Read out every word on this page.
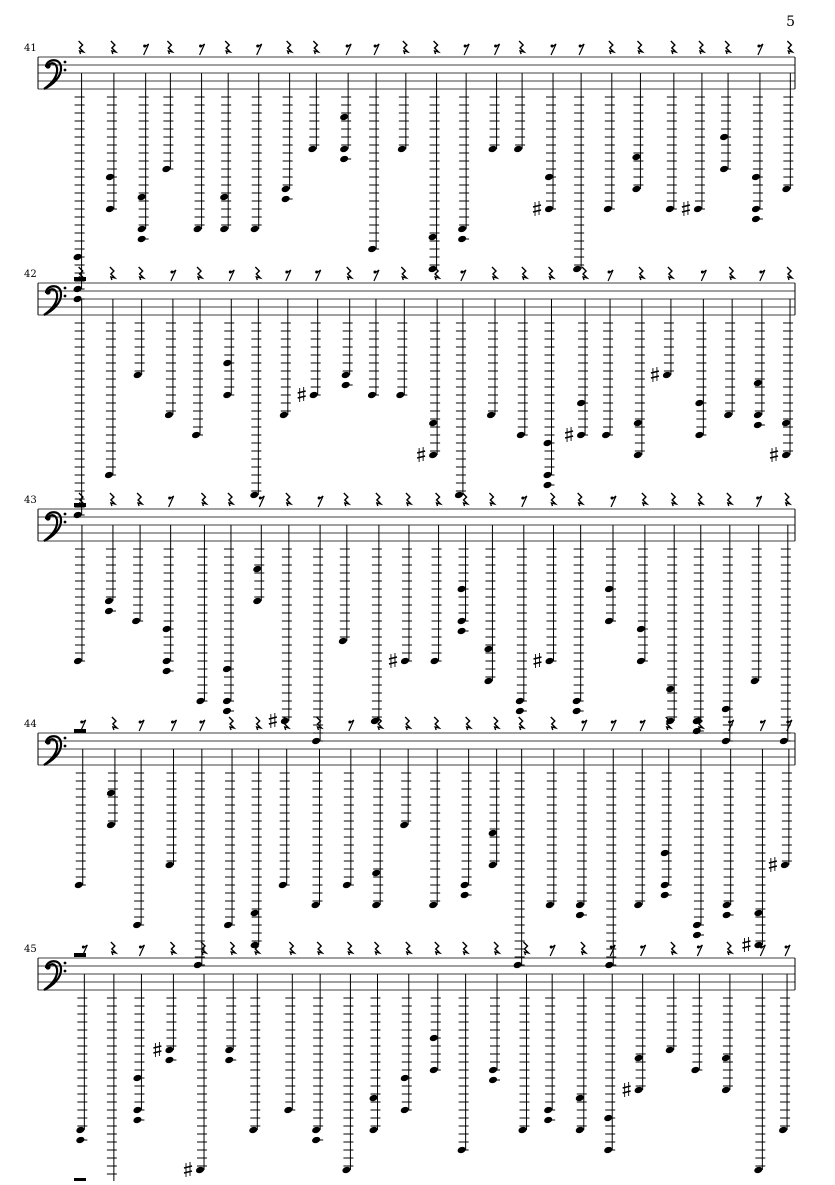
5
41
42
43
44
45
